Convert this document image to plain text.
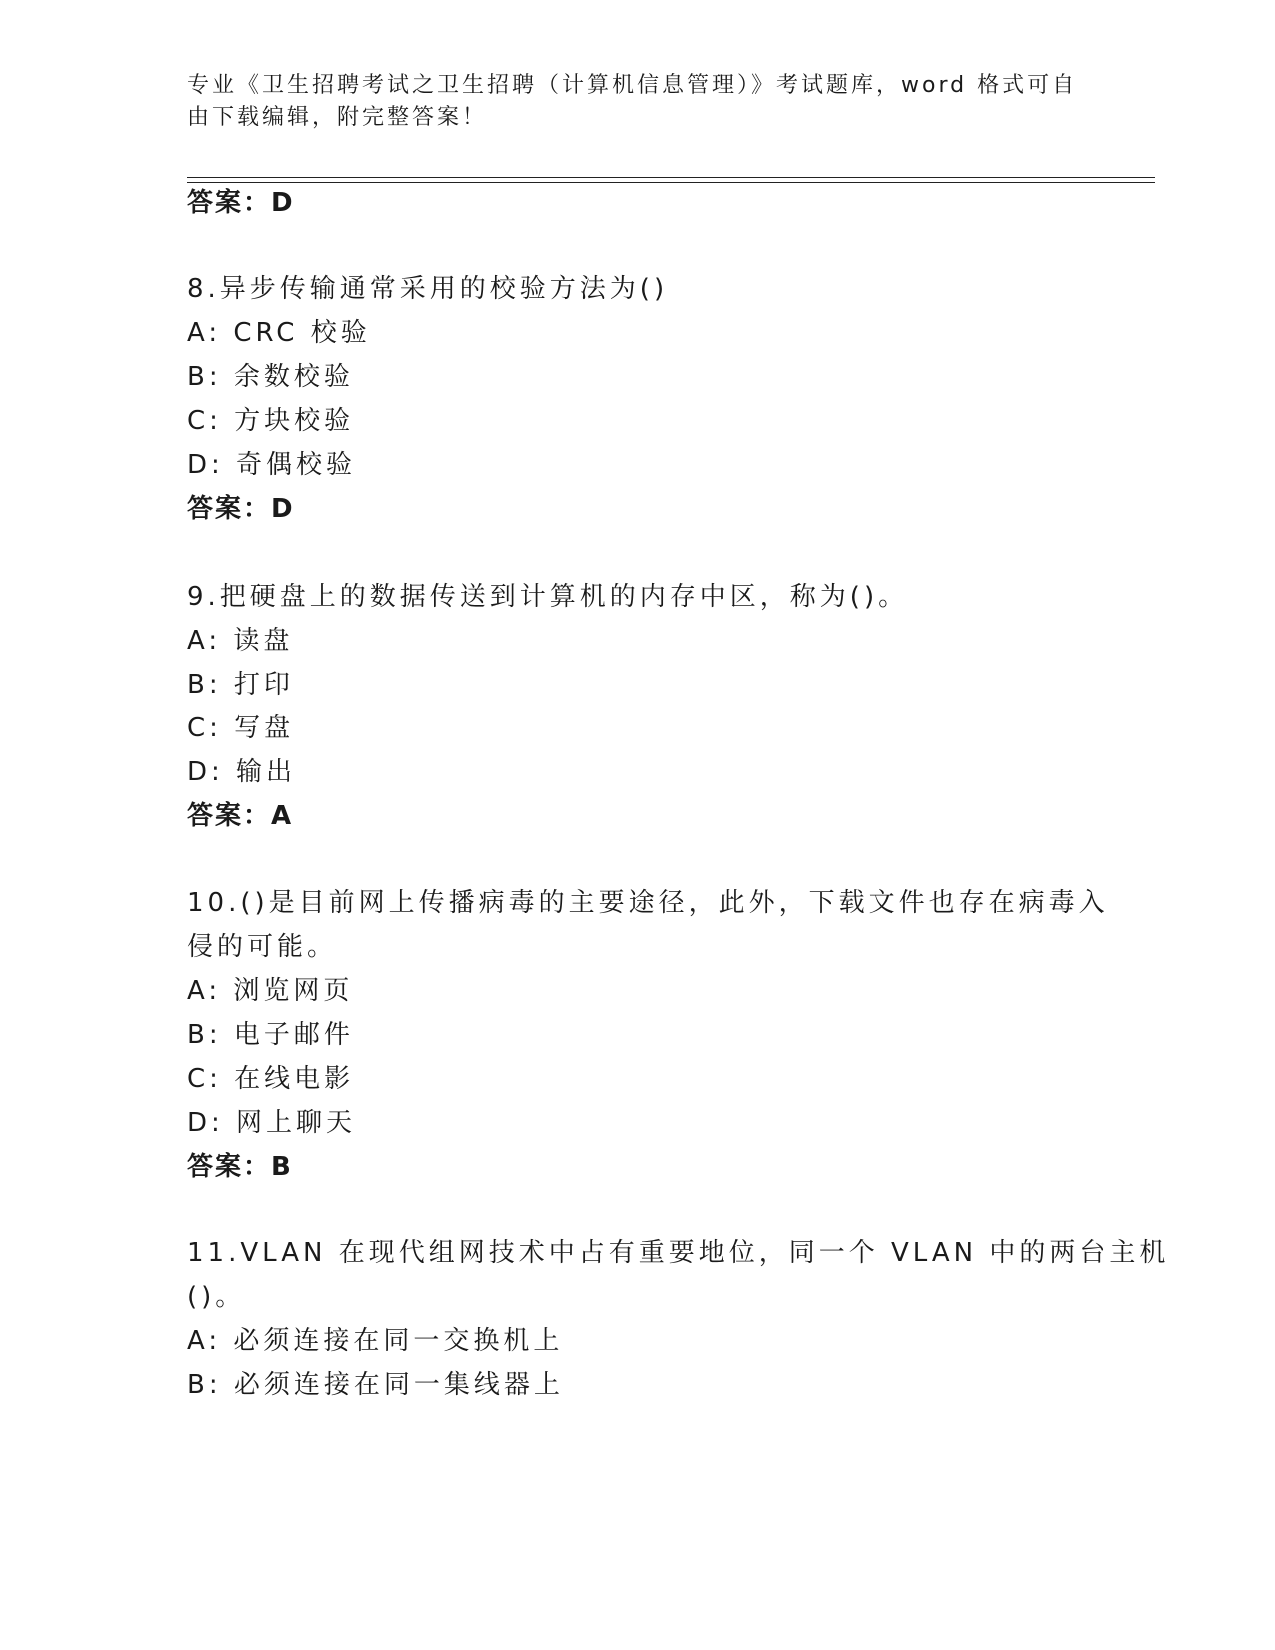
专业《卫生招聘考试之卫生招聘（计算机信息管理）》考试题库，word 格式可自
由下载编辑，附完整答案！
答案：D
8.异步传输通常采用的校验方法为()
A: CRC 校验
B: 余数校验
C: 方块校验
D: 奇偶校验
答案：D
9.把硬盘上的数据传送到计算机的内存中区，称为()。
A: 读盘
B: 打印
C: 写盘
D: 输出
答案：A
10.()是目前网上传播病毒的主要途径，此外，下载文件也存在病毒入
侵的可能。
A: 浏览网页
B: 电子邮件
C: 在线电影
D: 网上聊天
答案：B
11.VLAN 在现代组网技术中占有重要地位，同一个 VLAN 中的两台主机
()。
A: 必须连接在同一交换机上
B: 必须连接在同一集线器上
